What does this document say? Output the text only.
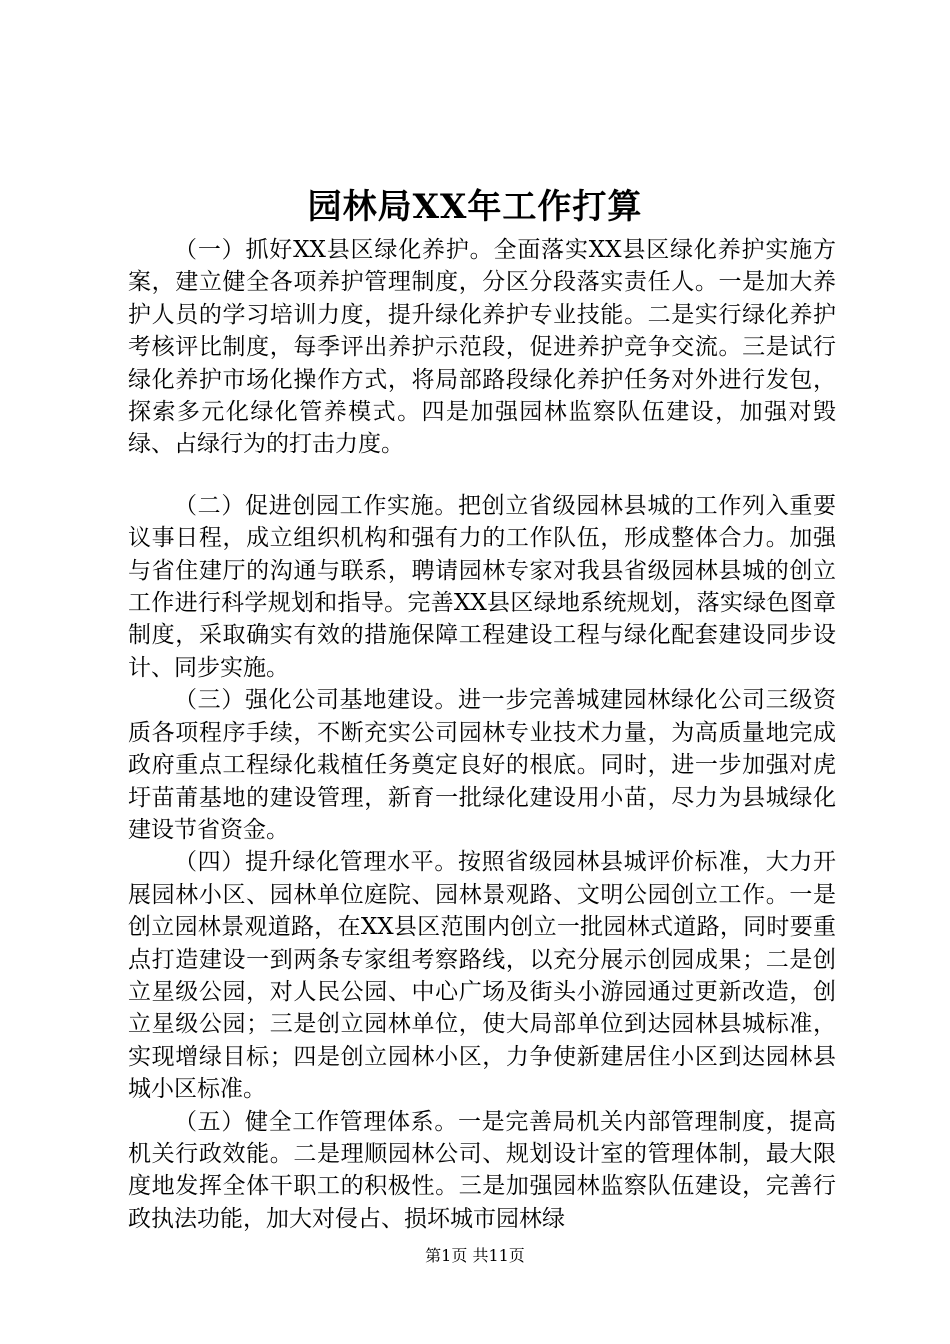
园林局XX年工作打算

（一）抓好XX县区绿化养护。全面落实XX县区绿化养护实施方案，建立健全各项养护管理制度，分区分段落实责任人。一是加大养护人员的学习培训力度，提升绿化养护专业技能。二是实行绿化养护考核评比制度，每季评出养护示范段，促进养护竞争交流。三是试行绿化养护市场化操作方式，将局部路段绿化养护任务对外进行发包，探索多元化绿化管养模式。四是加强园林监察队伍建设，加强对毁绿、占绿行为的打击力度。

（二）促进创园工作实施。把创立省级园林县城的工作列入重要议事日程，成立组织机构和强有力的工作队伍，形成整体合力。加强与省住建厅的沟通与联系，聘请园林专家对我县省级园林县城的创立工作进行科学规划和指导。完善XX县区绿地系统规划，落实绿色图章制度，采取确实有效的措施保障工程建设工程与绿化配套建设同步设计、同步实施。

（三）强化公司基地建设。进一步完善城建园林绿化公司三级资质各项程序手续，不断充实公司园林专业技术力量，为高质量地完成政府重点工程绿化栽植任务奠定良好的根底。同时，进一步加强对虎圩苗莆基地的建设管理，新育一批绿化建设用小苗，尽力为县城绿化建设节省资金。

（四）提升绿化管理水平。按照省级园林县城评价标准，大力开展园林小区、园林单位庭院、园林景观路、文明公园创立工作。一是创立园林景观道路，在XX县区范围内创立一批园林式道路，同时要重点打造建设一到两条专家组考察路线，以充分展示创园成果；二是创立星级公园，对人民公园、中心广场及街头小游园通过更新改造，创立星级公园；三是创立园林单位，使大局部单位到达园林县城标准，实现增绿目标；四是创立园林小区，力争使新建居住小区到达园林县城小区标准。

（五）健全工作管理体系。一是完善局机关内部管理制度，提高机关行政效能。二是理顺园林公司、规划设计室的管理体制，最大限度地发挥全体干职工的积极性。三是加强园林监察队伍建设，完善行政执法功能，加大对侵占、损坏城市园林绿

第1页 共11页
